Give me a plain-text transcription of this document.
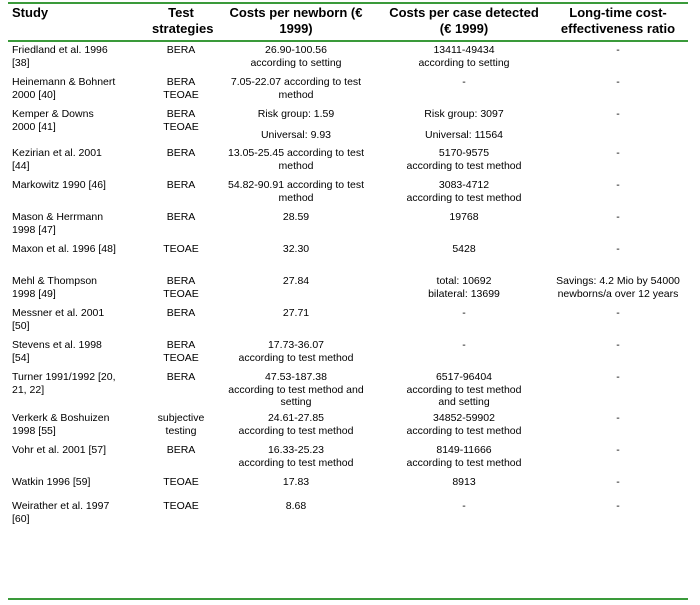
Study	Test strategies	Costs per newborn (€ 1999)	Costs per case detected (€ 1999)	Long-time cost-effectiveness ratio

Friedland et al. 1996
[38]	BERA	26.90-100.56
according to setting	13411-49434
according to setting	-

Heinemann & Bohnert
2000 [40]	BERA
TEOAE	7.05-22.07 according to test
method	-	-

Kemper & Downs
2000 [41]	BERA
TEOAE	Risk group: 1.59
Universal: 9.93	Risk group: 3097
Universal: 11564	-

Kezirian et al. 2001
[44]	BERA	13.05-25.45 according to test
method	5170-9575
according to test method	-

Markowitz 1990 [46]	BERA	54.82-90.91 according to test
method	3083-4712
according to test method	-

Mason & Herrmann
1998 [47]	BERA	28.59	19768	-

Maxon et al. 1996 [48]	TEOAE	32.30	5428	-

Mehl & Thompson
1998 [49]	BERA
TEOAE	27.84	total: 10692
bilateral: 13699	Savings: 4.2 Mio by 54000
newborns/a over 12 years

Messner et al. 2001
[50]	BERA	27.71	-	-

Stevens et al. 1998
[54]	BERA
TEOAE	17.73-36.07
according to test method	-	-

Turner 1991/1992 [20,
21, 22]	BERA	47.53-187.38
according to test method and
setting	6517-96404
according to test method
and setting	-

Verkerk & Boshuizen
1998 [55]	subjective
testing	24.61-27.85
according to test method	34852-59902
according to test method	-

Vohr et al. 2001 [57]	BERA	16.33-25.23
according to test method	8149-11666
according to test method	-

Watkin 1996 [59]	TEOAE	17.83	8913	-

Weirather et al. 1997
[60]	TEOAE	8.68	-	-
